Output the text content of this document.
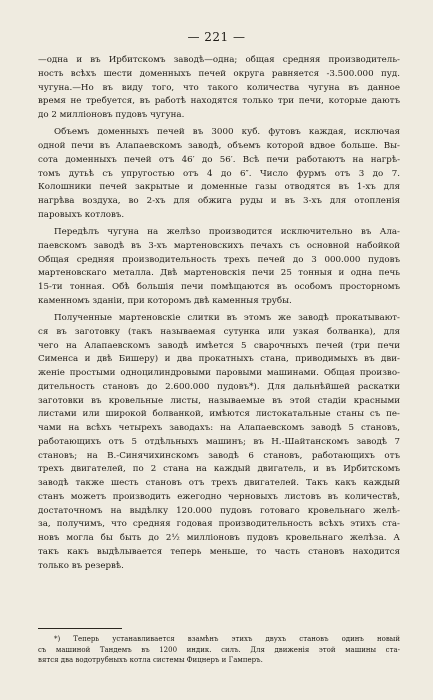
— 221 —
—одна и въ Ирбитскомъ заводѣ—одна; общая средняя производитель-
ность всѣхъ шести доменныхъ печей округа равняется -3.500.000 пуд.
чугуна.—Но въ виду того, что такого количества чугуна въ данное
время не требуется, въ работѣ находятся только три печи, которые даютъ
до 2 милліоновъ пудовъ чугуна.
Объемъ доменныхъ печей въ 3000 куб. футовъ каждая, исключая
одной печи въ Алапаевскомъ заводѣ, объемъ которой вдвое больше. Вы-
сота доменныхъ печей отъ 46′ до 56′. Всѣ печи работаютъ на нагрѣ-
томъ дутьѣ съ упругостью отъ 4 до 6″. Число фурмъ отъ 3 до 7.
Колошники печей закрытые и доменные газы отводятся въ 1-хъ для
нагрѣва воздуха, во 2-хъ для обжига руды и въ 3-хъ для отопленія
паровыхъ котловъ.
Передѣлъ чугуна на желѣзо производится исключительно въ Ала-
паевскомъ заводѣ въ 3-хъ мартеновскихъ печахъ съ основной набойкой
Общая средняя производительность трехъ печей до 3 000.000 пудовъ
мартеновскаго металла. Двѣ мартеновскія печи 25 тонныя и одна печь
15-ти тонная. Обѣ большія печи помѣщаются въ особомъ просторномъ
каменномъ зданіи, при которомъ двѣ каменныя трубы.
Полученные мартеновскіе слитки въ этомъ же заводѣ прокатывают-
ся въ заготовку (такъ называемая сутунка или узкая болванка), для
чего на Алапаевскомъ заводѣ имѣется 5 сварочныхъ печей (три печи
Сименса и двѣ Бишеру) и два прокатныхъ стана, приводимыхъ въ дви-
женіе простыми одноцилиндровыми паровыми машинами. Общая произво-
дительность становъ до 2.600.000 пудовъ*). Для дальнѣйшей раскатки
заготовки въ кровельные листы, называемые въ этой стадіи красными
листами или широкой болванкой, имѣются листокатальные станы съ пе-
чами на всѣхъ четырехъ заводахъ: на Алапаевскомъ заводѣ 5 становъ,
работающихъ отъ 5 отдѣльныхъ машинъ; въ Н.-Шайтанскомъ заводѣ 7
становъ; на В.-Синячихинскомъ заводѣ 6 становъ, работающихъ отъ
трехъ двигателей, по 2 стана на каждый двигатель, и въ Ирбитскомъ
заводѣ также шесть становъ отъ трехъ двигателей. Такъ какъ каждый
станъ можетъ производить ежегодно черновыхъ листовъ въ количествѣ,
достаточномъ на выдѣлку 120.000 пудовъ готоваго кровельнаго желѣ-
за, получимъ, что средняя годовая производительность всѣхъ этихъ ста-
новъ могла бы быть до 2½ милліоновъ пудовъ кровельнаго желѣза. А
такъ какъ выдѣлывается теперь меньше, то часть становъ находится
только въ резервѣ.
*) Теперь устанавливается взамѣнъ этихъ двухъ становъ одинъ новый
съ машиной Тандемъ въ 1200 индик. силъ. Для движенія этой машины ста-
вятся два водотрубныхъ котла системы Фицнеръ и Гамперъ.
